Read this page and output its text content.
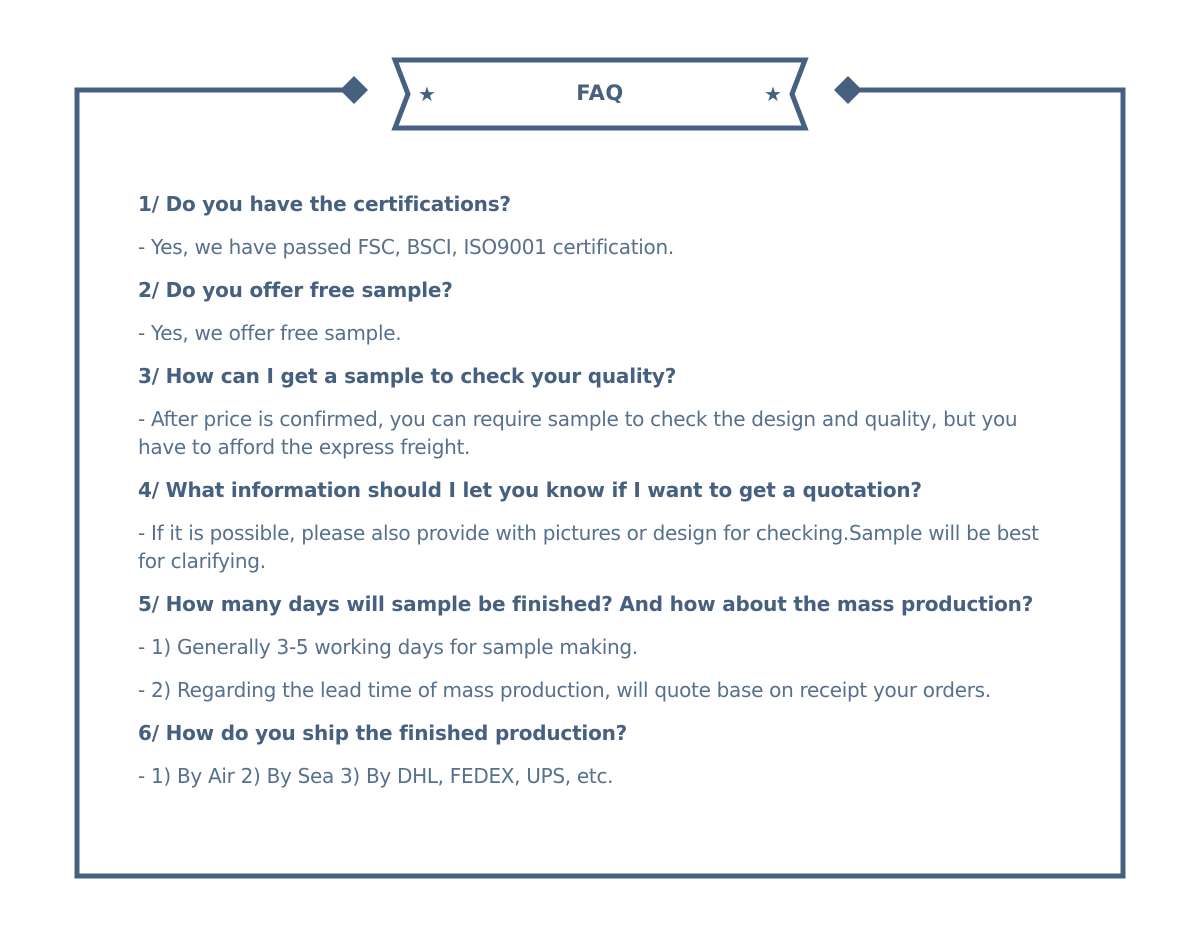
★	★
FAQ
1/ Do you have the certifications?
- Yes, we have passed FSC, BSCI, ISO9001 certification.
2/ Do you offer free sample?
- Yes, we offer free sample.
3/ How can I get a sample to check your quality?
- After price is confirmed, you can require sample to check the design and quality, but you have to afford the express freight.
4/ What information should I let you know if I want to get a quotation?
- If it is possible, please also provide with pictures or design for checking.Sample will be best for clarifying.
5/ How many days will sample be finished? And how about the mass production?
- 1) Generally 3-5 working days for sample making.
- 2) Regarding the lead time of mass production, will quote base on receipt your orders.
6/ How do you ship the finished production?
- 1) By Air 2) By Sea 3) By DHL, FEDEX, UPS, etc.
